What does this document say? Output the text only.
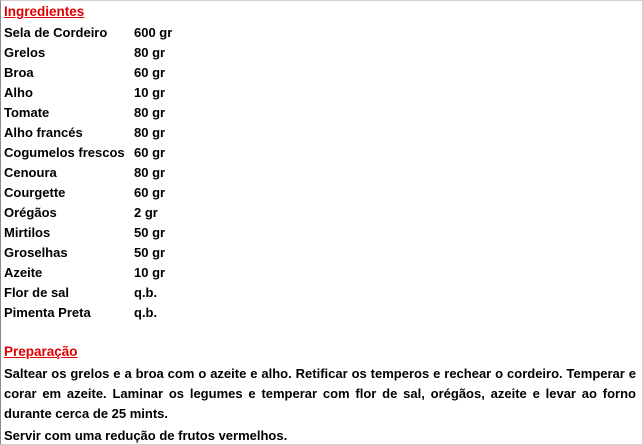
Ingredientes
Sela de Cordeiro	600 gr
Grelos	80 gr
Broa	60 gr
Alho	10 gr
Tomate	80 gr
Alho francés	80 gr
Cogumelos frescos 60 gr
Cenoura	80 gr
Courgette	60 gr
Orégãos	2 gr
Mirtilos	50 gr
Groselhas	50 gr
Azeite	10 gr
Flor de sal	q.b.
Pimenta Preta	q.b.
Preparação

Saltear os grelos e a broa com o azeite e alho. Retificar os temperos e rechear o cordeiro. Temperar e corar em azeite. Laminar os legumes e temperar com flor de sal, orégãos, azeite e levar ao forno durante cerca de 25 mints.

Servir com uma redução de frutos vermelhos.
